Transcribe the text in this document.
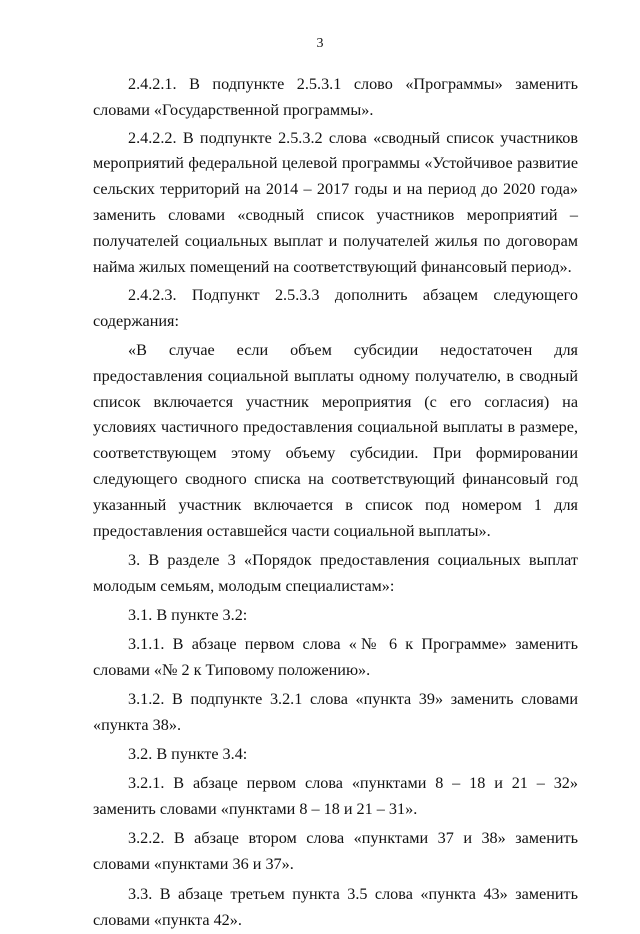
3

2.4.2.1. В подпункте 2.5.3.1 слово «Программы» заменить словами «Государственной программы».

2.4.2.2. В подпункте 2.5.3.2 слова «сводный список участников мероприятий федеральной целевой программы «Устойчивое развитие сельских территорий на 2014 – 2017 годы и на период до 2020 года» заменить словами «сводный список участников мероприятий – получателей социальных выплат и получателей жилья по договорам найма жилых помещений на соответствующий финансовый период».

2.4.2.3. Подпункт 2.5.3.3 дополнить абзацем следующего содержания:

«В случае если объем субсидии недостаточен для предоставления социальной выплаты одному получателю, в сводный список включается участник мероприятия (с его согласия) на условиях частичного предоставления социальной выплаты в размере, соответствующем этому объему субсидии. При формировании следующего сводного списка на соответствующий финансовый год указанный участник включается в список под номером 1 для предоставления оставшейся части социальной выплаты».

3. В разделе 3 «Порядок предоставления социальных выплат молодым семьям, молодым специалистам»:

3.1. В пункте 3.2:

3.1.1. В абзаце первом слова «№ 6 к Программе» заменить словами «№ 2 к Типовому положению».

3.1.2. В подпункте 3.2.1 слова «пункта 39» заменить словами «пункта 38».

3.2. В пункте 3.4:

3.2.1. В абзаце первом слова «пунктами 8 – 18 и 21 – 32» заменить словами «пунктами 8 – 18 и 21 – 31».

3.2.2. В абзаце втором слова «пунктами 37 и 38» заменить словами «пунктами 36 и 37».

3.3. В абзаце третьем пункта 3.5 слова «пункта 43» заменить словами «пункта 42».
